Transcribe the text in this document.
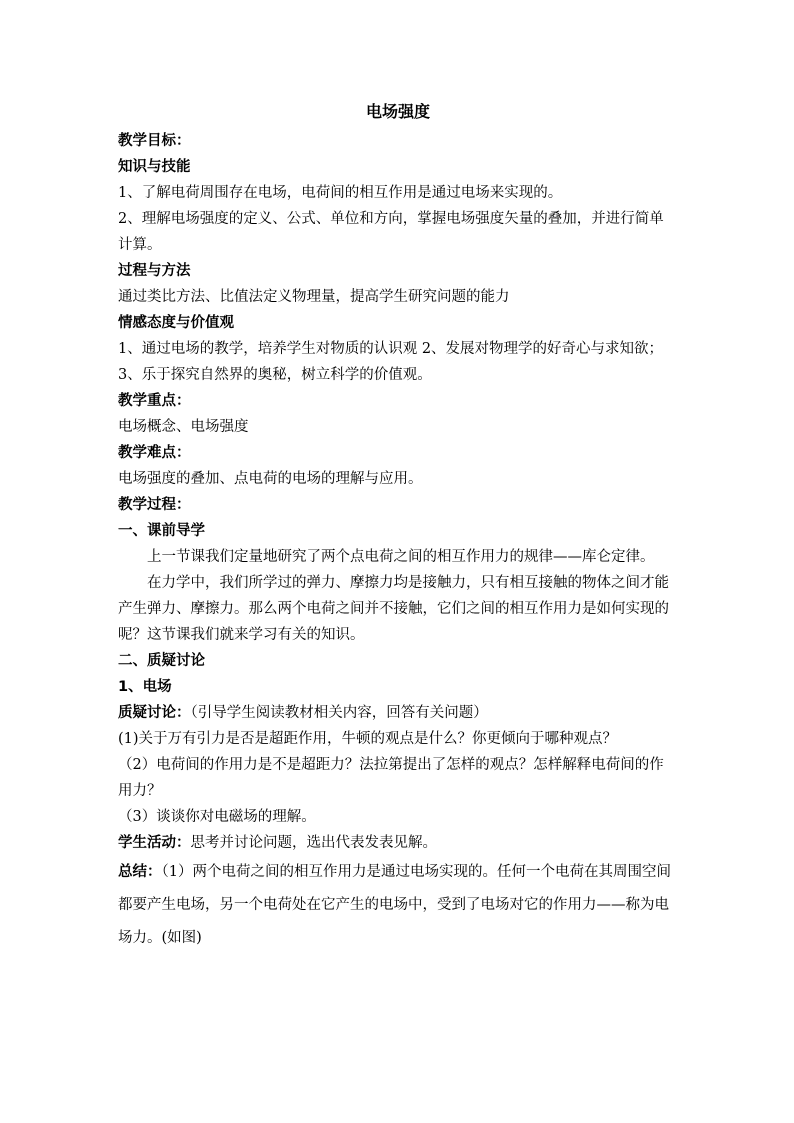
电场强度
教学目标：
知识与技能
1、了解电荷周围存在电场，电荷间的相互作用是通过电场来实现的。
2、理解电场强度的定义、公式、单位和方向，掌握电场强度矢量的叠加，并进行简单计算。
过程与方法
通过类比方法、比值法定义物理量，提高学生研究问题的能力
情感态度与价值观
1、通过电场的教学，培养学生对物质的认识观 2、发展对物理学的好奇心与求知欲；3、乐于探究自然界的奥秘，树立科学的价值观。
教学重点：
电场概念、电场强度
教学难点：
电场强度的叠加、点电荷的电场的理解与应用。
教学过程：
一、课前导学
上一节课我们定量地研究了两个点电荷之间的相互作用力的规律——库仑定律。
在力学中，我们所学过的弹力、摩擦力均是接触力，只有相互接触的物体之间才能产生弹力、摩擦力。那么两个电荷之间并不接触，它们之间的相互作用力是如何实现的呢？这节课我们就来学习有关的知识。
二、质疑讨论
1、电场
质疑讨论：（引导学生阅读教材相关内容，回答有关问题）
(1)关于万有引力是否是超距作用，牛顿的观点是什么？你更倾向于哪种观点？
（2）电荷间的作用力是不是超距力？法拉第提出了怎样的观点？怎样解释电荷间的作用力？
（3）谈谈你对电磁场的理解。
学生活动：思考并讨论问题，选出代表发表见解。
总结：（1）两个电荷之间的相互作用力是通过电场实现的。任何一个电荷在其周围空间都要产生电场，另一个电荷处在它产生的电场中，受到了电场对它的作用力——称为电场力。(如图)
